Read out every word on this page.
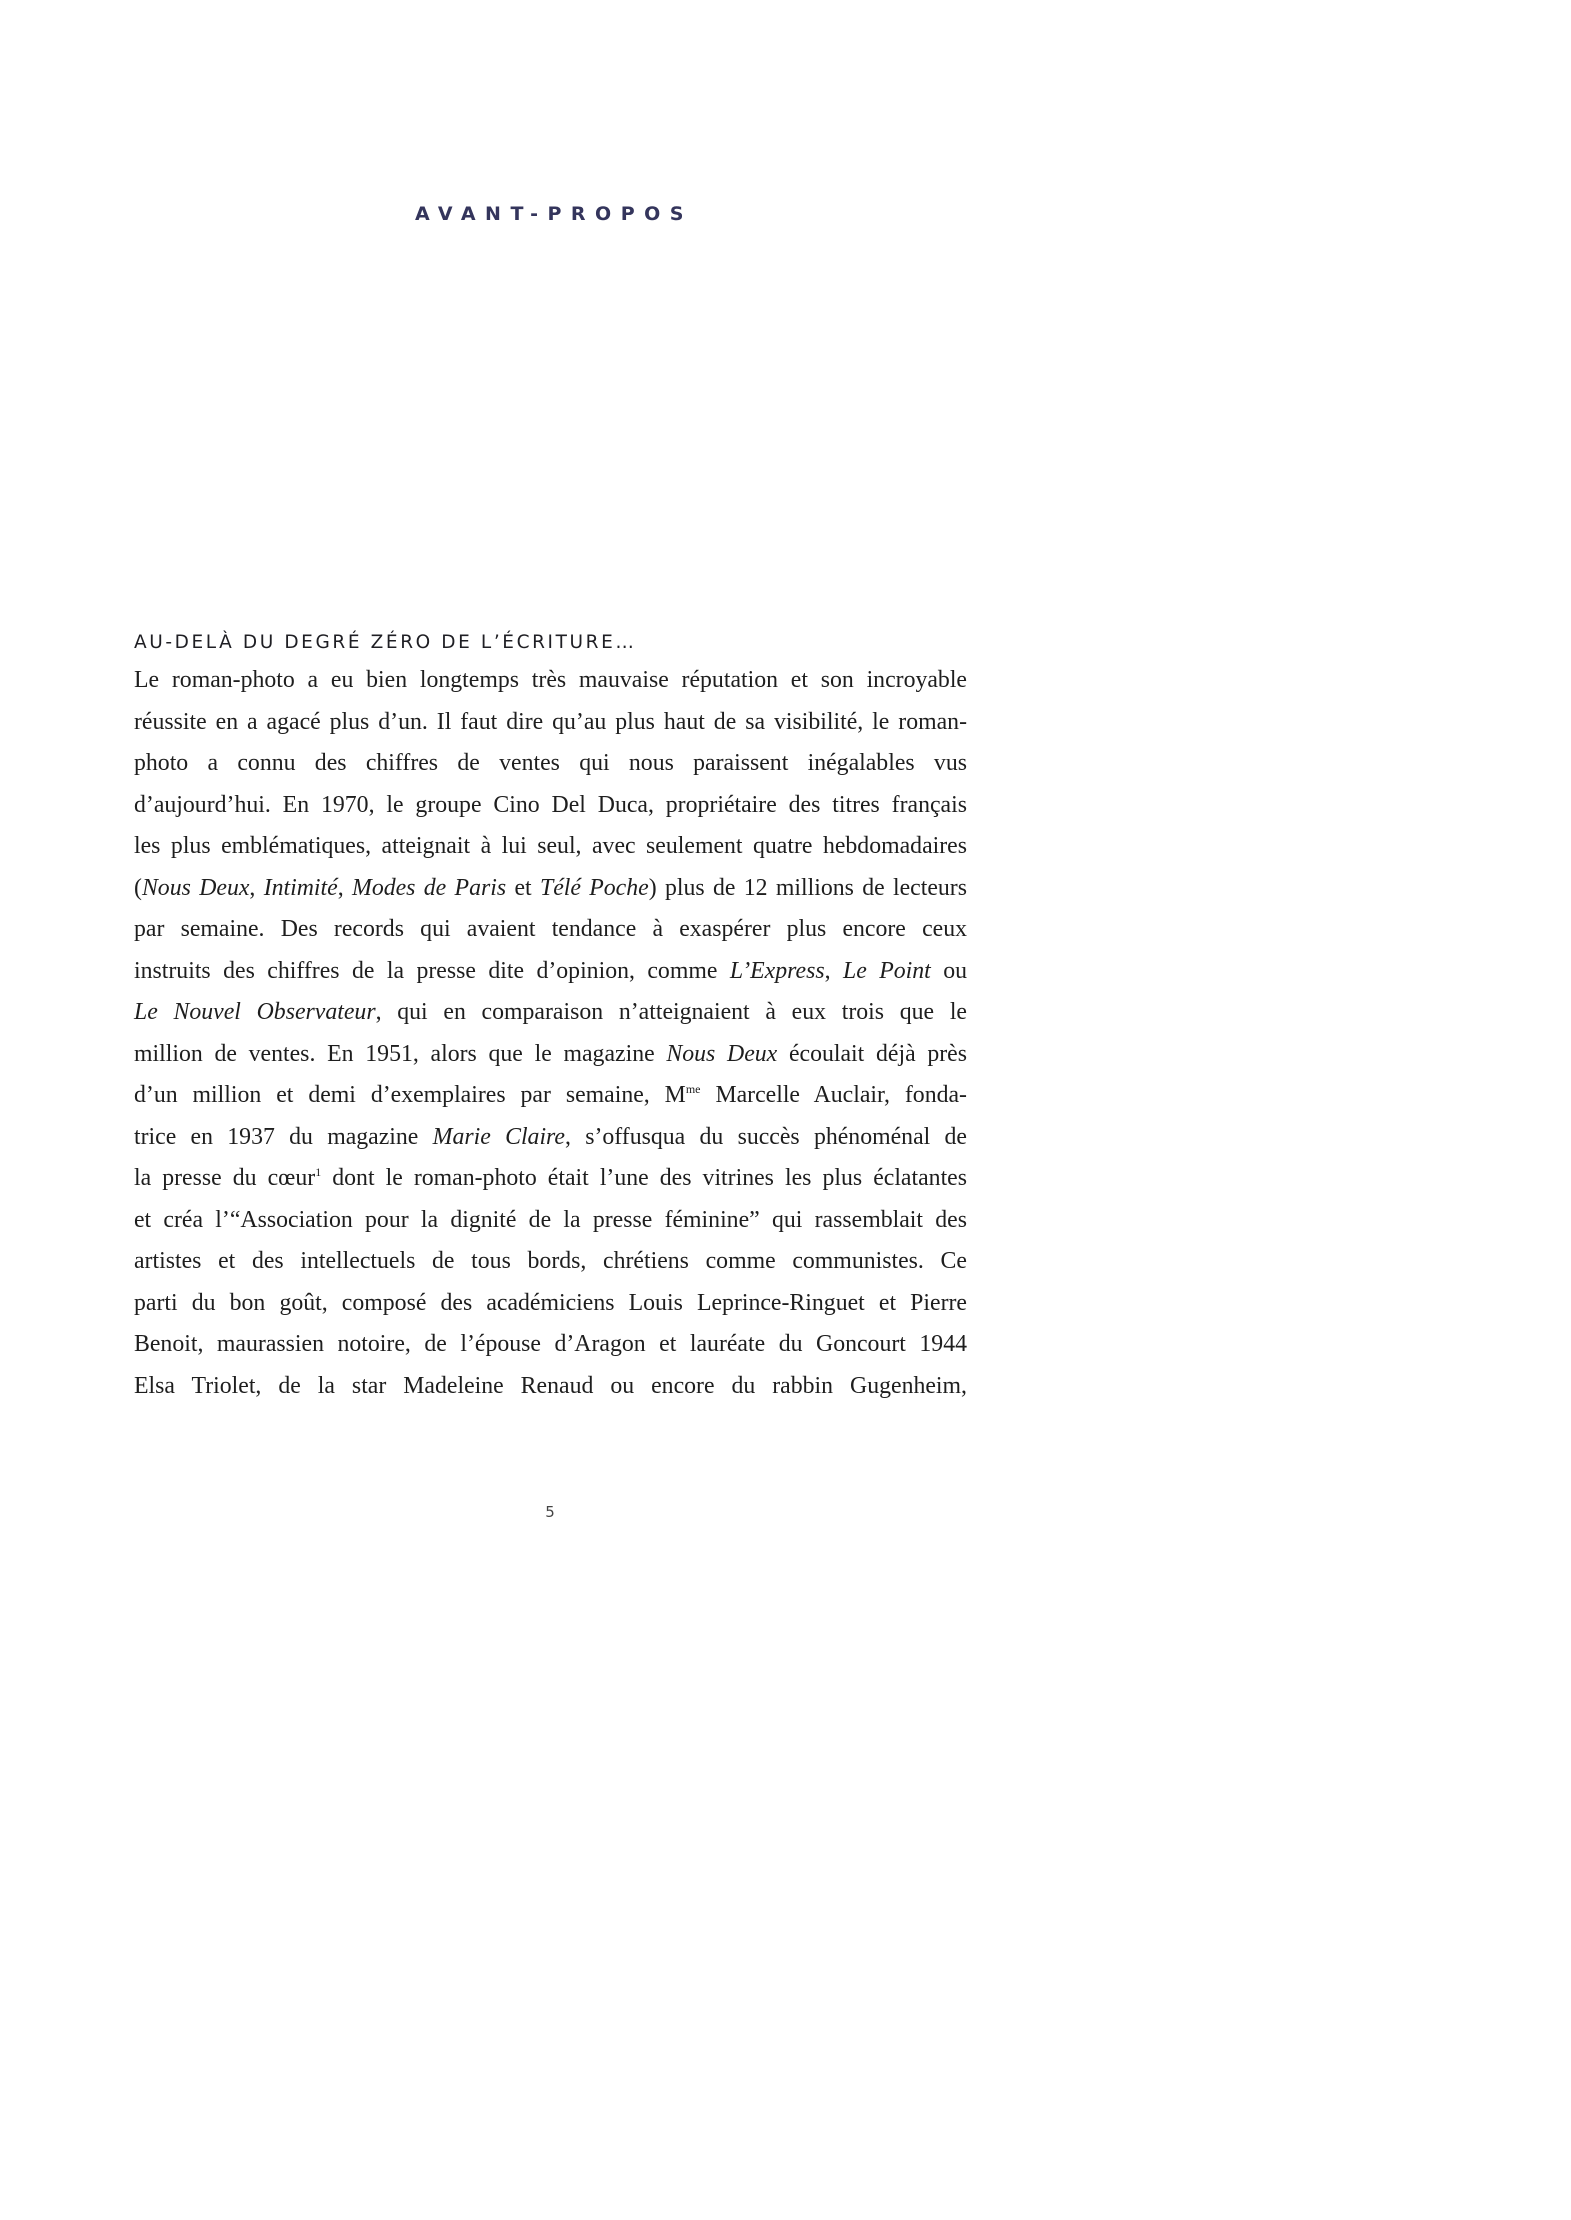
AVANT-PROPOS
AU-DELÀ DU DEGRÉ ZÉRO DE L’ÉCRITURE…
Le roman-photo a eu bien longtemps très mauvaise réputation et son incroyable
réussite en a agacé plus d’un. Il faut dire qu’au plus haut de sa visibilité, le roman-
photo a connu des chiffres de ventes qui nous paraissent inégalables vus
d’aujourd’hui. En 1970, le groupe Cino Del Duca, propriétaire des titres français
les plus emblématiques, atteignait à lui seul, avec seulement quatre hebdomadaires
(Nous Deux, Intimité, Modes de Paris et Télé Poche) plus de 12 millions de lecteurs
par semaine. Des records qui avaient tendance à exaspérer plus encore ceux
instruits des chiffres de la presse dite d’opinion, comme L’Express, Le Point ou
Le Nouvel Observateur, qui en comparaison n’atteignaient à eux trois que le
million de ventes. En 1951, alors que le magazine Nous Deux écoulait déjà près
d’un million et demi d’exemplaires par semaine, $M^{me}$ Marcelle Auclair, fonda-
trice en 1937 du magazine Marie Claire, s’offusqua du succès phénoménal de
la presse du cœur$^1$ dont le roman-photo était l’une des vitrines les plus éclatantes
et créa l’“Association pour la dignité de la presse féminine” qui rassemblait des
artistes et des intellectuels de tous bords, chrétiens comme communistes. Ce
parti du bon goût, composé des académiciens Louis Leprince-Ringuet et Pierre
Benoit, maurassien notoire, de l’épouse d’Aragon et lauréate du Goncourt 1944
Elsa Triolet, de la star Madeleine Renaud ou encore du rabbin Gugenheim,
5
